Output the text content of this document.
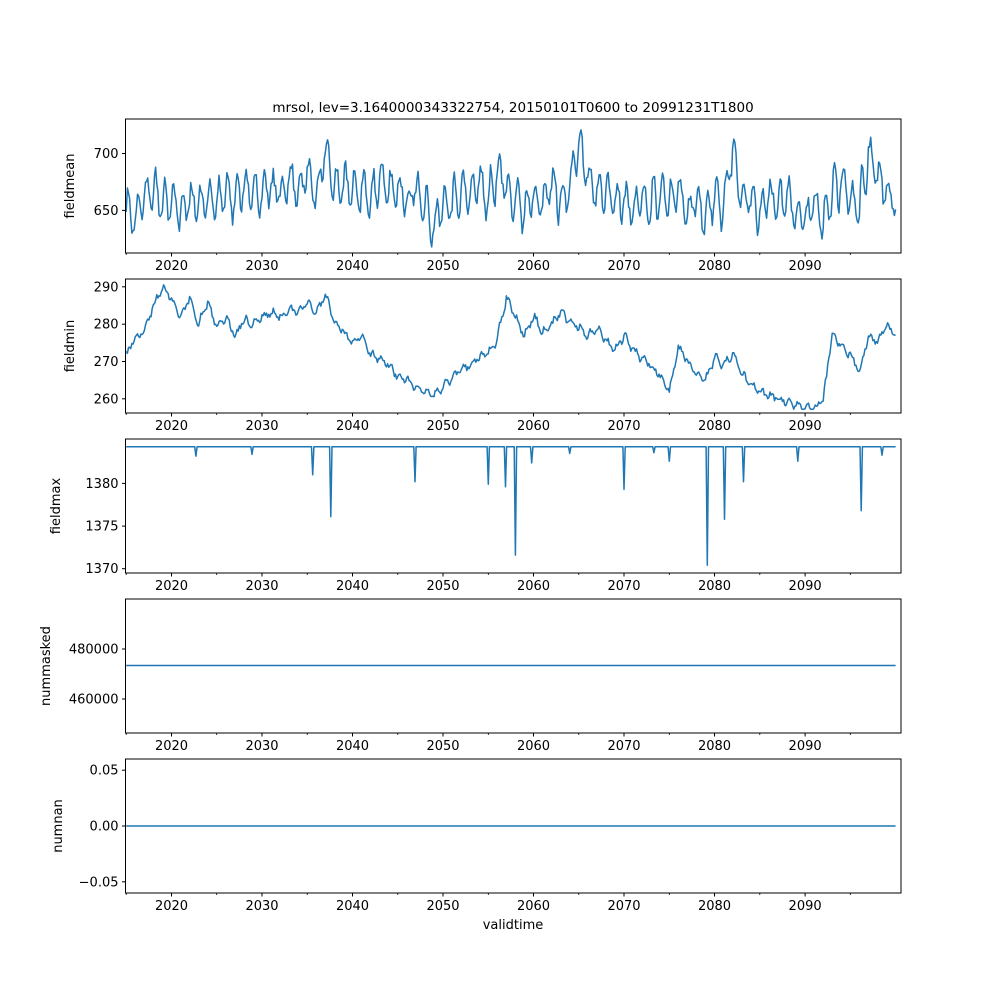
mrsol, lev=3.1640000343322754, 20150101T0600 to 20991231T1800
650
700
2020	2030	2040	2050	2060	2070	2080	2090
fieldmean
260
270
280
290
2020	2030	2040	2050	2060	2070	2080	2090
fieldmin
1370
1375
1380
2020	2030	2040	2050	2060	2070	2080	2090
fieldmax
460000
480000
2020	2030	2040	2050	2060	2070	2080	2090
nummasked
−0.05
0.00
0.05
2020	2030	2040	2050	2060	2070	2080	2090
numnan
validtime
